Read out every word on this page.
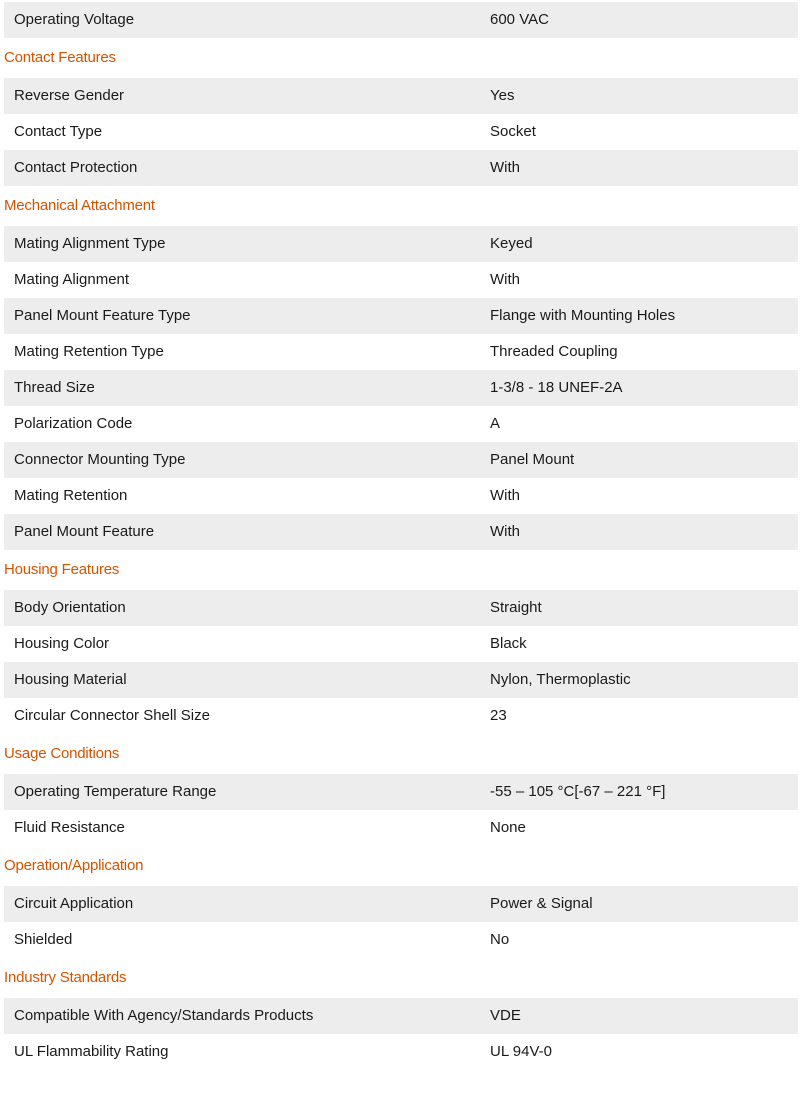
Operating Voltage	600 VAC
Contact Features
Reverse Gender	Yes
Contact Type	Socket
Contact Protection	With
Mechanical Attachment
Mating Alignment Type	Keyed
Mating Alignment	With
Panel Mount Feature Type	Flange with Mounting Holes
Mating Retention Type	Threaded Coupling
Thread Size	1-3/8 - 18 UNEF-2A
Polarization Code	A
Connector Mounting Type	Panel Mount
Mating Retention	With
Panel Mount Feature	With
Housing Features
Body Orientation	Straight
Housing Color	Black
Housing Material	Nylon, Thermoplastic
Circular Connector Shell Size	23
Usage Conditions
Operating Temperature Range	-55 – 105 °C[-67 – 221 °F]
Fluid Resistance	None
Operation/Application
Circuit Application	Power & Signal
Shielded	No
Industry Standards
Compatible With Agency/Standards Products	VDE
UL Flammability Rating	UL 94V-0
